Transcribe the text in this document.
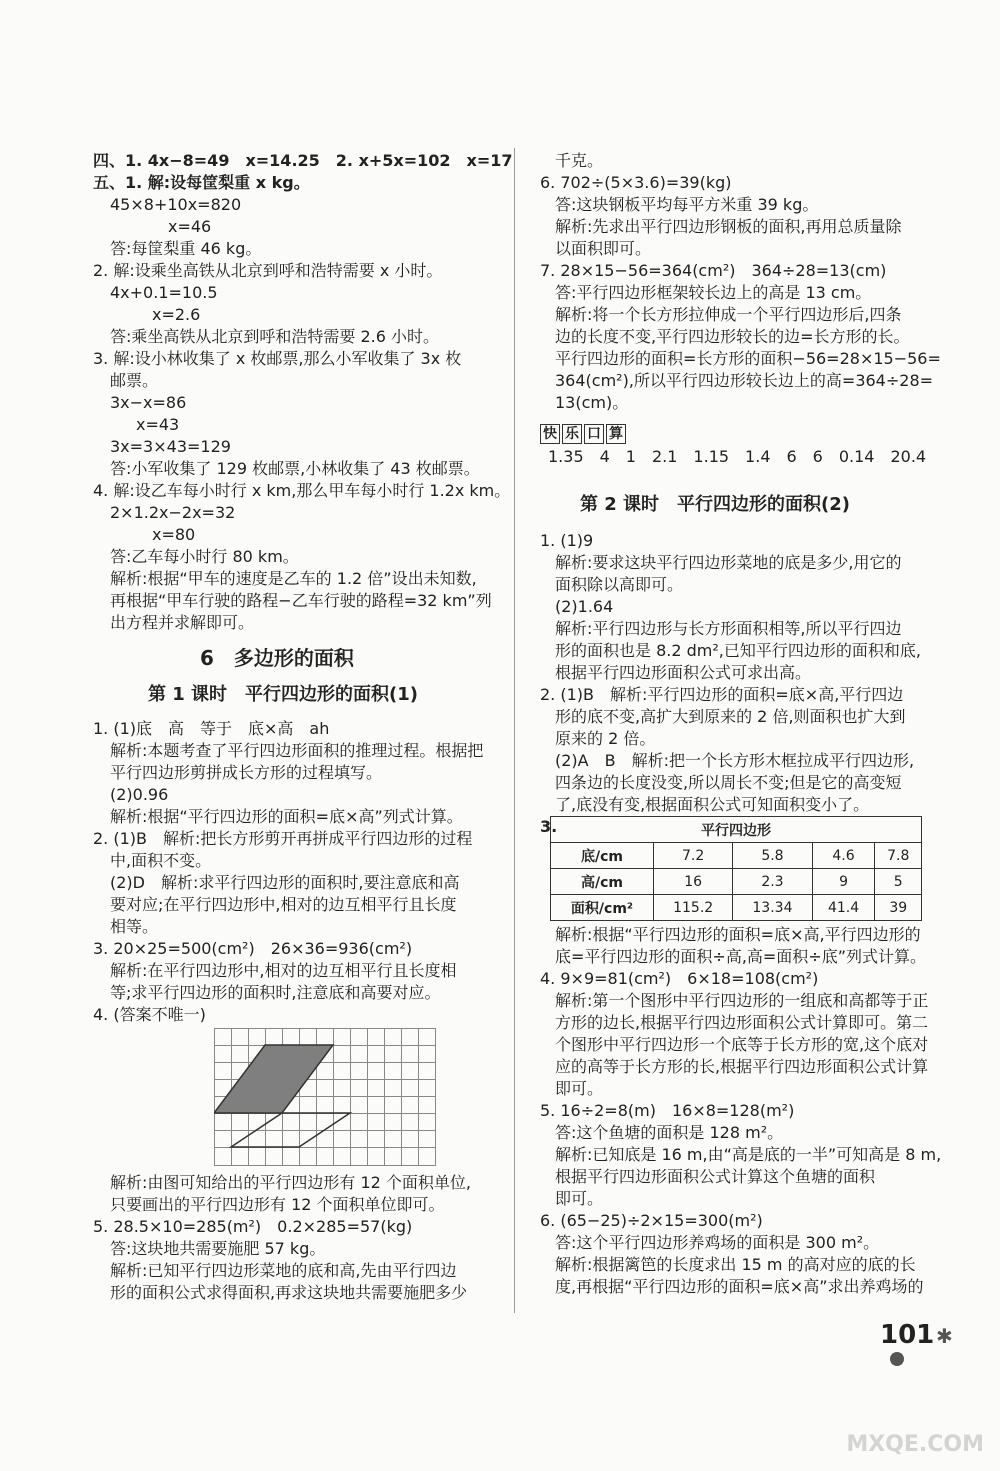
四、1. 4x−8=49　x=14.25　2. x+5x=102　x=17
五、1. 解:设每筐梨重 x kg。
45×8+10x=820
x=46
答:每筐梨重 46 kg。
2. 解:设乘坐高铁从北京到呼和浩特需要 x 小时。
4x+0.1=10.5
x=2.6
答:乘坐高铁从北京到呼和浩特需要 2.6 小时。
3. 解:设小林收集了 x 枚邮票,那么小军收集了 3x 枚
邮票。
3x−x=86
x=43
3x=3×43=129
答:小军收集了 129 枚邮票,小林收集了 43 枚邮票。
4. 解:设乙车每小时行 x km,那么甲车每小时行 1.2x km。
2×1.2x−2x=32
x=80
答:乙车每小时行 80 km。
解析:根据“甲车的速度是乙车的 1.2 倍”设出未知数,
再根据“甲车行驶的路程−乙车行驶的路程=32 km”列
出方程并求解即可。
6　多边形的面积
第 1 课时　平行四边形的面积(1)
1. (1)底　高　等于　底×高　ah
解析:本题考查了平行四边形面积的推理过程。根据把
平行四边形剪拼成长方形的过程填写。
(2)0.96
解析:根据“平行四边形的面积=底×高”列式计算。
2. (1)B　解析:把长方形剪开再拼成平行四边形的过程
中,面积不变。
(2)D　解析:求平行四边形的面积时,要注意底和高
要对应;在平行四边形中,相对的边互相平行且长度
相等。
3. 20×25=500(cm²)　26×36=936(cm²)
解析:在平行四边形中,相对的边互相平行且长度相
等;求平行四边形的面积时,注意底和高要对应。
4. (答案不唯一)
解析:由图可知给出的平行四边形有 12 个面积单位,
只要画出的平行四边形有 12 个面积单位即可。
5. 28.5×10=285(m²)　0.2×285=57(kg)
答:这块地共需要施肥 57 kg。
解析:已知平行四边形菜地的底和高,先由平行四边
形的面积公式求得面积,再求这块地共需要施肥多少
千克。
6. 702÷(5×3.6)=39(kg)
答:这块钢板平均每平方米重 39 kg。
解析:先求出平行四边形钢板的面积,再用总质量除
以面积即可。
7. 28×15−56=364(cm²)　364÷28=13(cm)
答:平行四边形框架较长边上的高是 13 cm。
解析:将一个长方形拉伸成一个平行四边形后,四条
边的长度不变,平行四边形较长的边=长方形的长。
平行四边形的面积=长方形的面积−56=28×15−56=
364(cm²),所以平行四边形较长边上的高=364÷28=
13(cm)。
快 乐 口 算
1.35　4　1　2.1　1.15　1.4　6　6　0.14　20.4
第 2 课时　平行四边形的面积(2)
1. (1)9
解析:要求这块平行四边形菜地的底是多少,用它的
面积除以高即可。
(2)1.64
解析:平行四边形与长方形面积相等,所以平行四边
形的面积也是 8.2 dm²,已知平行四边形的面积和底,
根据平行四边形面积公式可求出高。
2. (1)B　解析:平行四边形的面积=底×高,平行四边
形的底不变,高扩大到原来的 2 倍,则面积也扩大到
原来的 2 倍。
(2)A　B　解析:把一个长方形木框拉成平行四边形,
四条边的长度没变,所以周长不变;但是它的高变短
了,底没有变,根据面积公式可知面积变小了。
3.	平行四边形				
底/cm	7.2	5.8	4.6	7.8
高/cm	16	2.3	9	5
面积/cm²	115.2	13.34	41.4	39
解析:根据“平行四边形的面积=底×高,平行四边形的
底=平行四边形的面积÷高,高=面积÷底”列式计算。
4. 9×9=81(cm²)　6×18=108(cm²)
解析:第一个图形中平行四边形的一组底和高都等于正
方形的边长,根据平行四边形面积公式计算即可。第二
个图形中平行四边形一个底等于长方形的宽,这个底对
应的高等于长方形的长,根据平行四边形面积公式计算
即可。
5. 16÷2=8(m)　16×8=128(m²)
答:这个鱼塘的面积是 128 m²。
解析:已知底是 16 m,由“高是底的一半”可知高是 8 m,
根据平行四边形面积公式计算这个鱼塘的面积
即可。
6. (65−25)÷2×15=300(m²)
答:这个平行四边形养鸡场的面积是 300 m²。
解析:根据篱笆的长度求出 15 m 的高对应的底的长
度,再根据“平行四边形的面积=底×高”求出养鸡场的
101 ✱
MXQE.COM
